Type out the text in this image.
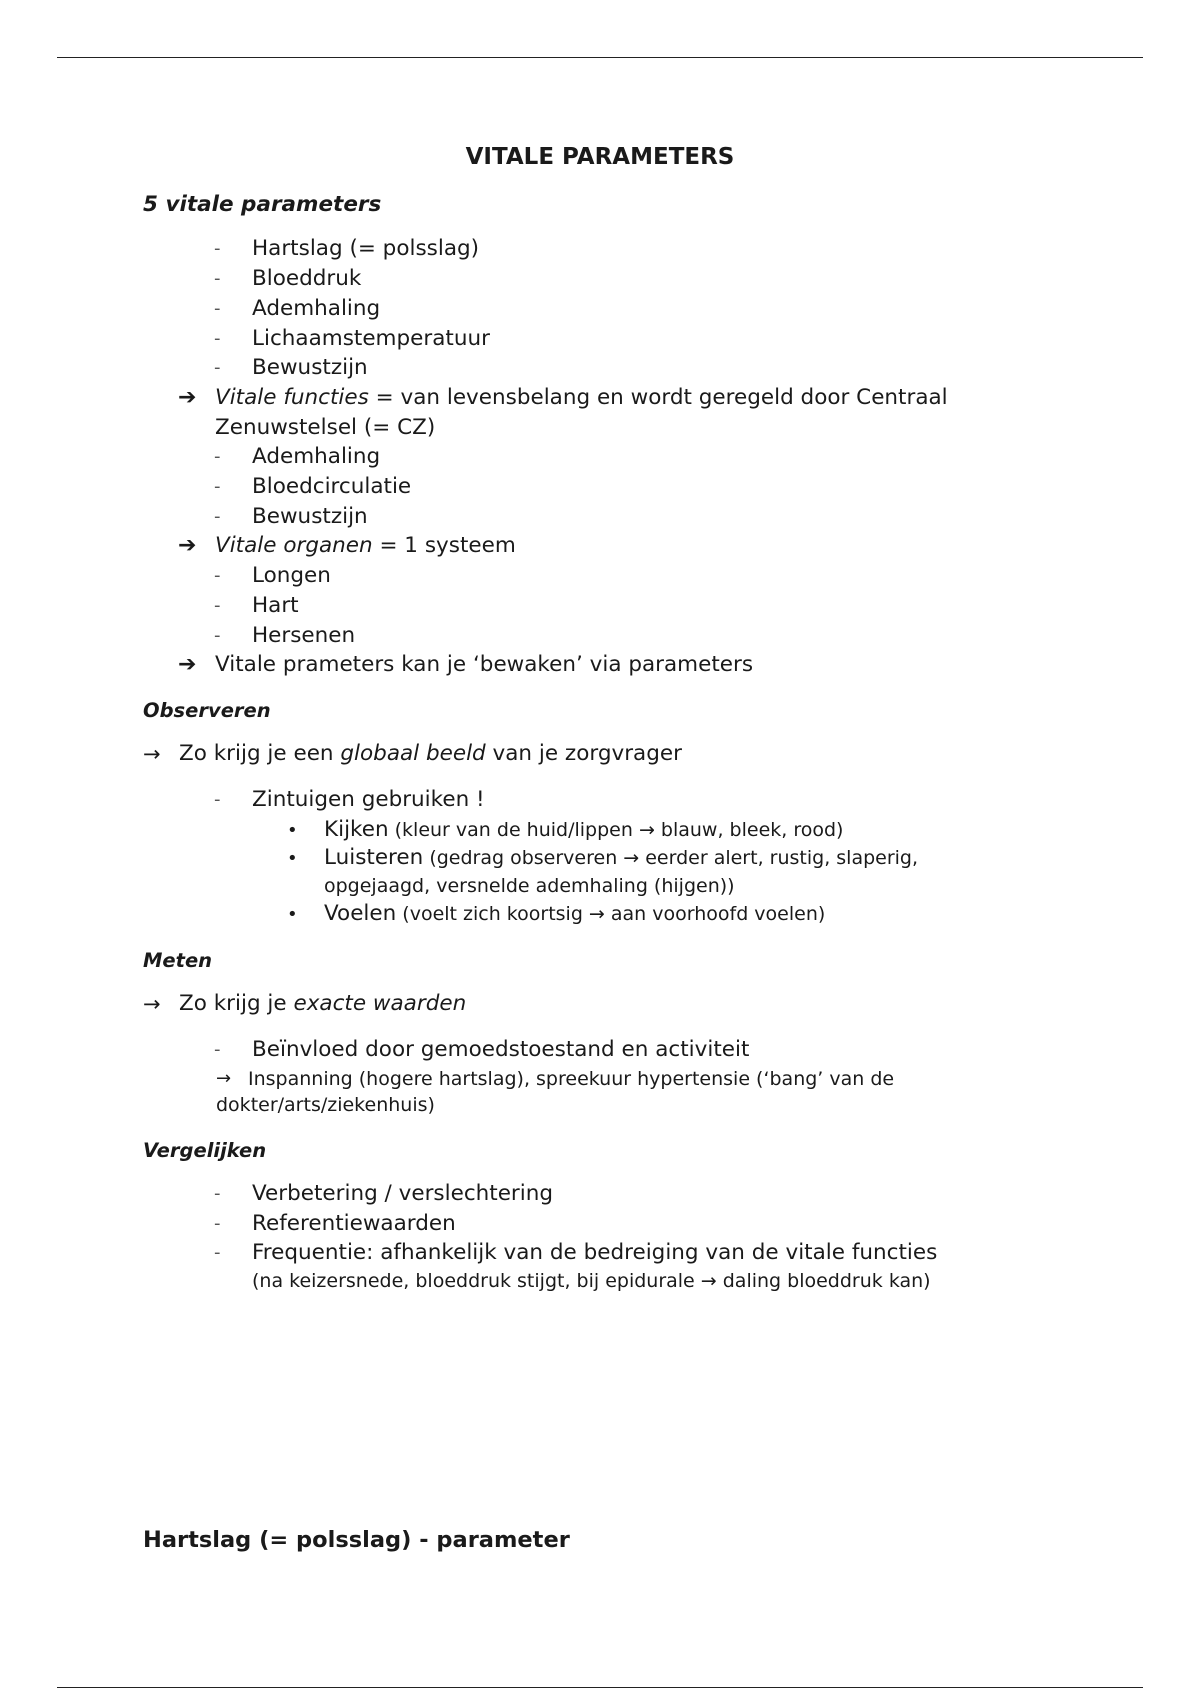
VITALE PARAMETERS
5 vitale parameters
- Hartslag (= polsslag)
- Bloeddruk
- Ademhaling
- Lichaamstemperatuur
- Bewustzijn
➔ Vitale functies = van levensbelang en wordt geregeld door Centraal
Zenuwstelsel (= CZ)
- Ademhaling
- Bloedcirculatie
- Bewustzijn
➔ Vitale organen = 1 systeem
- Longen
- Hart
- Hersenen
➔ Vitale prameters kan je ‘bewaken’ via parameters
Observeren
→ Zo krijg je een globaal beeld van je zorgvrager
- Zintuigen gebruiken !
• Kijken (kleur van de huid/lippen → blauw, bleek, rood)
• Luisteren (gedrag observeren → eerder alert, rustig, slaperig,
opgejaagd, versnelde ademhaling (hijgen))
• Voelen (voelt zich koortsig → aan voorhoofd voelen)
Meten
→ Zo krijg je exacte waarden
- Beïnvloed door gemoedstoestand en activiteit
→ Inspanning (hogere hartslag), spreekuur hypertensie (‘bang’ van de
dokter/arts/ziekenhuis)
Vergelijken
- Verbetering / verslechtering
- Referentiewaarden
- Frequentie: afhankelijk van de bedreiging van de vitale functies
(na keizersnede, bloeddruk stijgt, bij epidurale → daling bloeddruk kan)
Hartslag (= polsslag) - parameter
